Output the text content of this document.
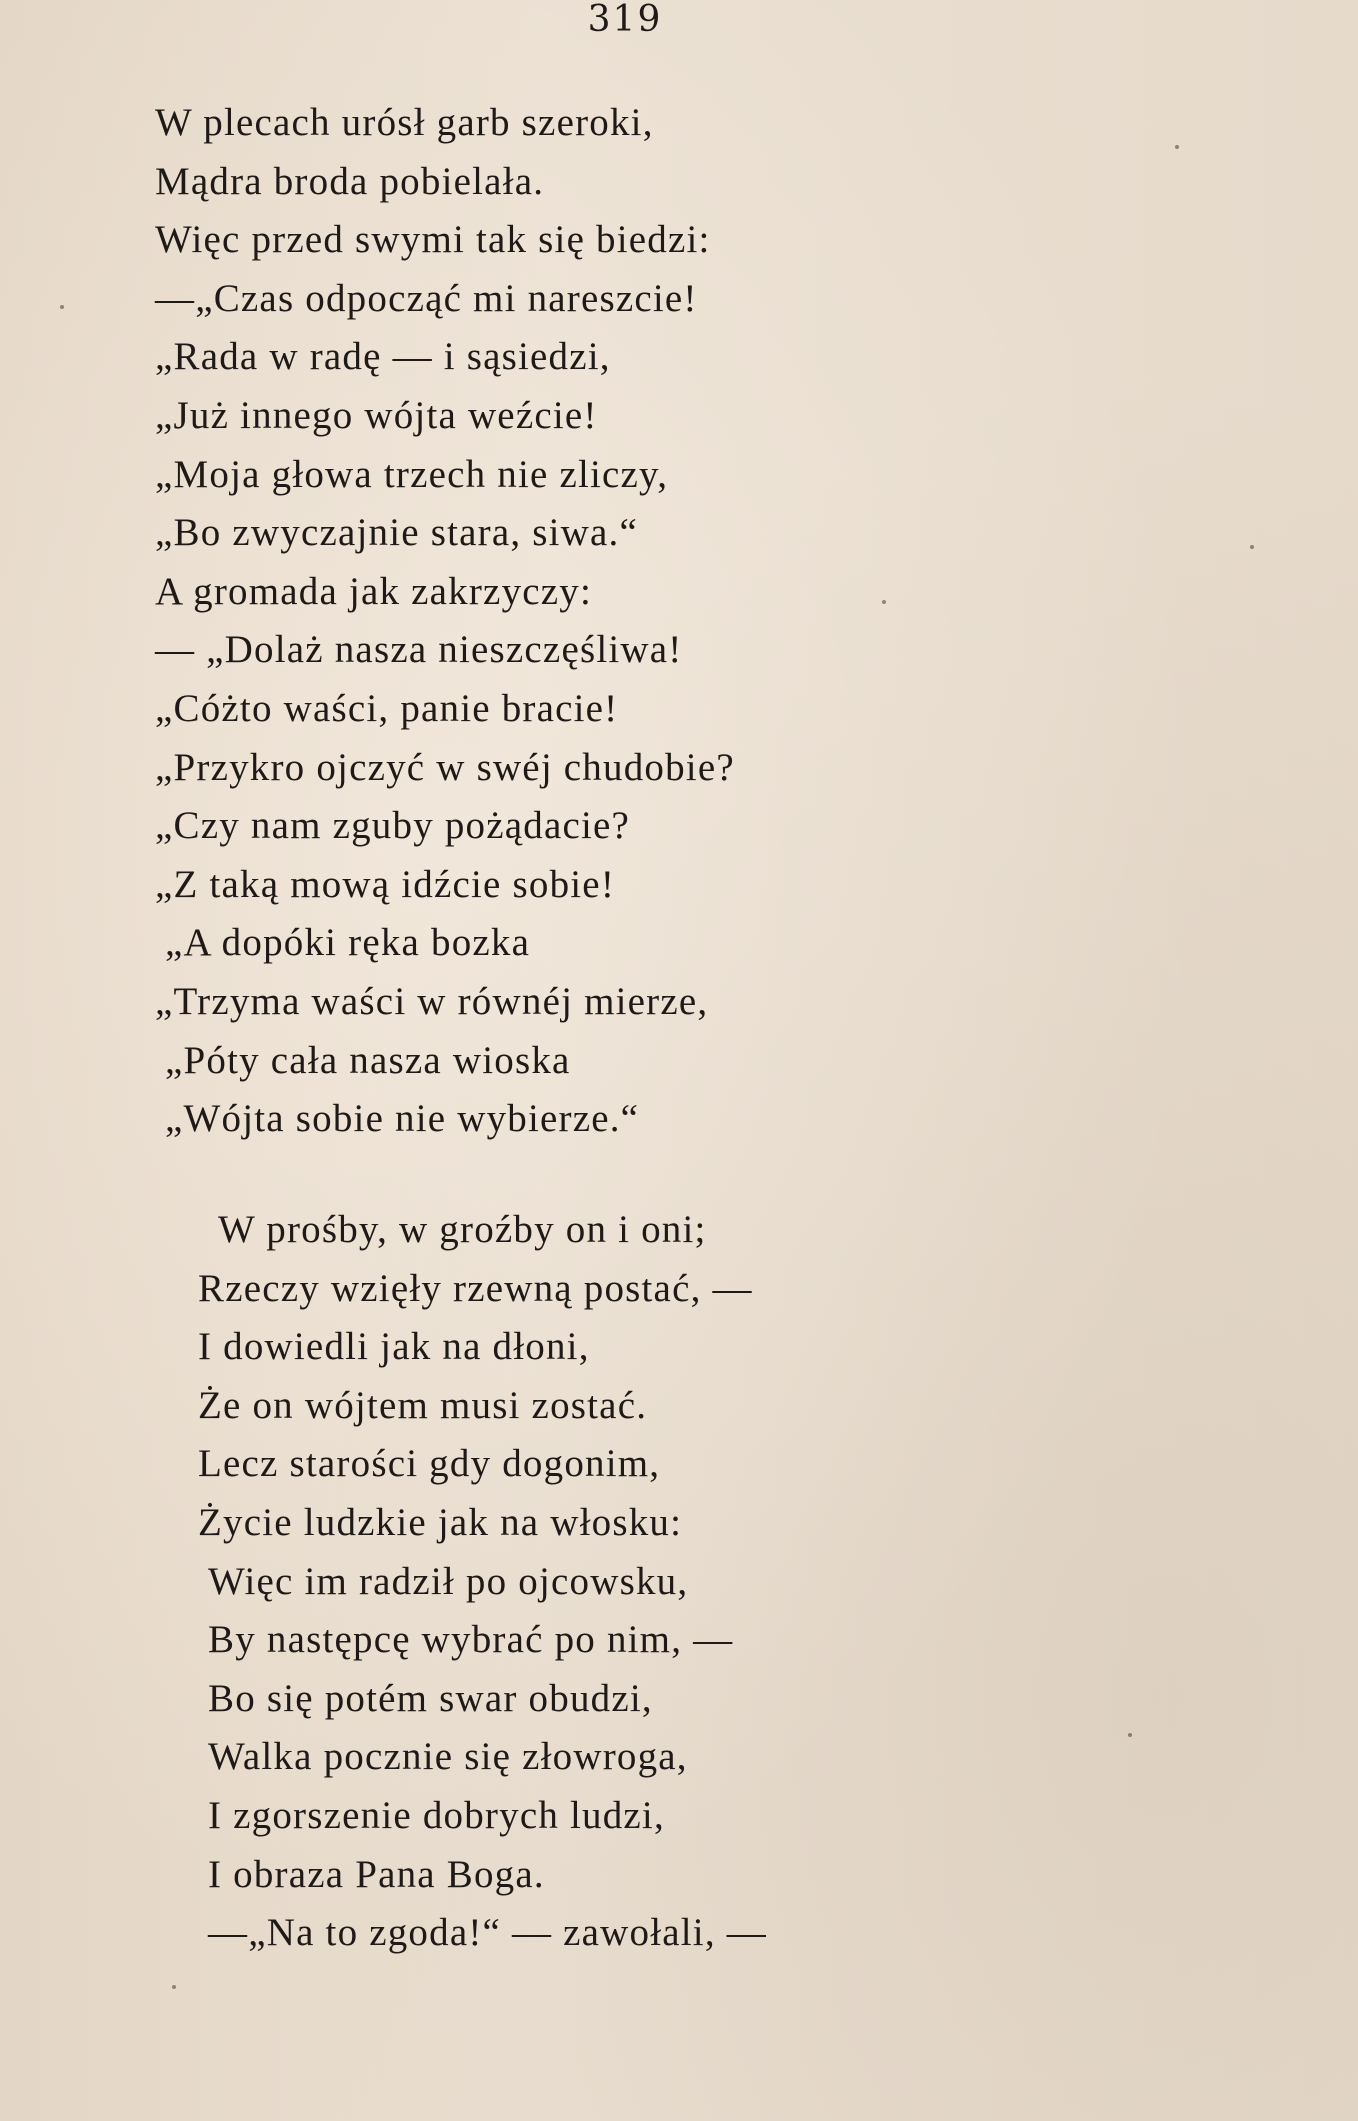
319
W plecach urósł garb szeroki,
Mądra broda pobielała.
Więc przed swymi tak się biedzi:
—„Czas odpocząć mi nareszcie!
„Rada w radę — i sąsiedzi,
„Już innego wójta weźcie!
„Moja głowa trzech nie zliczy,
„Bo zwyczajnie stara, siwa.“
A gromada jak zakrzyczy:
— „Dolaż nasza nieszczęśliwa!
„Cóżto waści, panie bracie!
„Przykro ojczyć w swéj chudobie?
„Czy nam zguby pożądacie?
„Z taką mową idźcie sobie!
„A dopóki ręka bozka
„Trzyma waści w równéj mierze,
„Póty cała nasza wioska
„Wójta sobie nie wybierze.“
W prośby, w groźby on i oni;
Rzeczy wzięły rzewną postać, —
I dowiedli jak na dłoni,
Że on wójtem musi zostać.
Lecz starości gdy dogonim,
Życie ludzkie jak na włosku:
Więc im radził po ojcowsku,
By następcę wybrać po nim, —
Bo się potém swar obudzi,
Walka pocznie się złowroga,
I zgorszenie dobrych ludzi,
I obraza Pana Boga.
—„Na to zgoda!“ — zawołali, —
